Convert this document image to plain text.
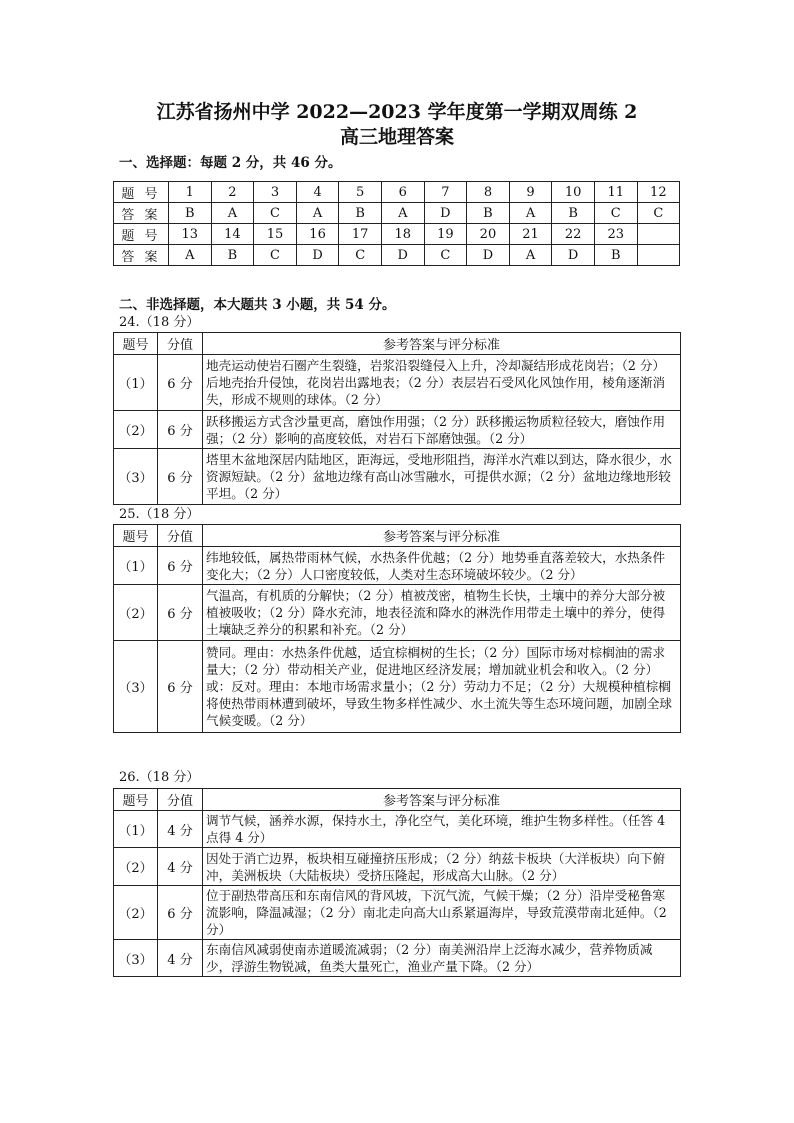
江苏省扬州中学 2022—2023 学年度第一学期双周练 2
高三地理答案
一、选择题：每题 2 分，共 46 分。
题 号	1	2	3	4	5	6	7	8	9	10	11	12
答 案	B	A	C	A	B	A	D	B	A	B	C	C
题 号	13	14	15	16	17	18	19	20	21	22	23	
答 案	A	B	C	D	C	D	C	D	A	D	B	
二、非选择题，本大题共 3 小题，共 54 分。
24.（18 分）
题号	分值	参考答案与评分标准
（1）	6 分	地壳运动使岩石圈产生裂缝，岩浆沿裂缝侵入上升，冷却凝结形成花岗岩；（2 分）后地壳抬升侵蚀，花岗岩出露地表；（2 分）表层岩石受风化风蚀作用，棱角逐渐消失，形成不规则的球体。（2 分）

（2）	6 分	跃移搬运方式含沙量更高，磨蚀作用强；（2 分）跃移搬运物质粒径较大，磨蚀作用强；（2 分）影响的高度较低，对岩石下部磨蚀强。（2 分）

（3）	6 分	塔里木盆地深居内陆地区，距海远，受地形阻挡，海洋水汽难以到达，降水很少，水资源短缺。（2 分）盆地边缘有高山冰雪融水，可提供水源；（2 分）盆地边缘地形较平坦。（2 分）
25.（18 分）
题号	分值	参考答案与评分标准
（1）	6 分	纬地较低，属热带雨林气候，水热条件优越；（2 分）地势垂直落差较大，水热条件变化大；（2 分）人口密度较低，人类对生态环境破坏较少。（2 分）

（2）	6 分	气温高，有机质的分解快；（2 分）植被茂密，植物生长快，土壤中的养分大部分被植被吸收；（2 分）降水充沛，地表径流和降水的淋洗作用带走土壤中的养分，使得土壤缺乏养分的积累和补充。（2 分）

（3）	6 分	赞同。理由：水热条件优越，适宜棕榈树的生长；（2 分）国际市场对棕榈油的需求量大；（2 分）带动相关产业，促进地区经济发展；增加就业机会和收入。（2 分）
或：反对。理由：本地市场需求量小；（2 分）劳动力不足；（2 分）大规模种植棕榈将使热带雨林遭到破坏，导致生物多样性减少、水土流失等生态环境问题，加剧全球气候变暖。（2 分）
26.（18 分）
题号	分值	参考答案与评分标准
（1）	4 分	调节气候，涵养水源，保持水土，净化空气，美化环境，维护生物多样性。（任答 4 点得 4 分）

（2）	4 分	因处于消亡边界，板块相互碰撞挤压形成；（2 分）纳兹卡板块（大洋板块）向下俯冲，美洲板块（大陆板块）受挤压隆起，形成高大山脉。（2 分）

（2）	6 分	位于副热带高压和东南信风的背风坡，下沉气流，气候干燥；（2 分）沿岸受秘鲁寒流影响，降温减湿；（2 分）南北走向高大山系紧逼海岸，导致荒漠带南北延伸。（2 分）

（3）	4 分	东南信风减弱使南赤道暖流减弱；（2 分）南美洲沿岸上泛海水减少，营养物质减少，浮游生物锐减，鱼类大量死亡，渔业产量下降。（2 分）
